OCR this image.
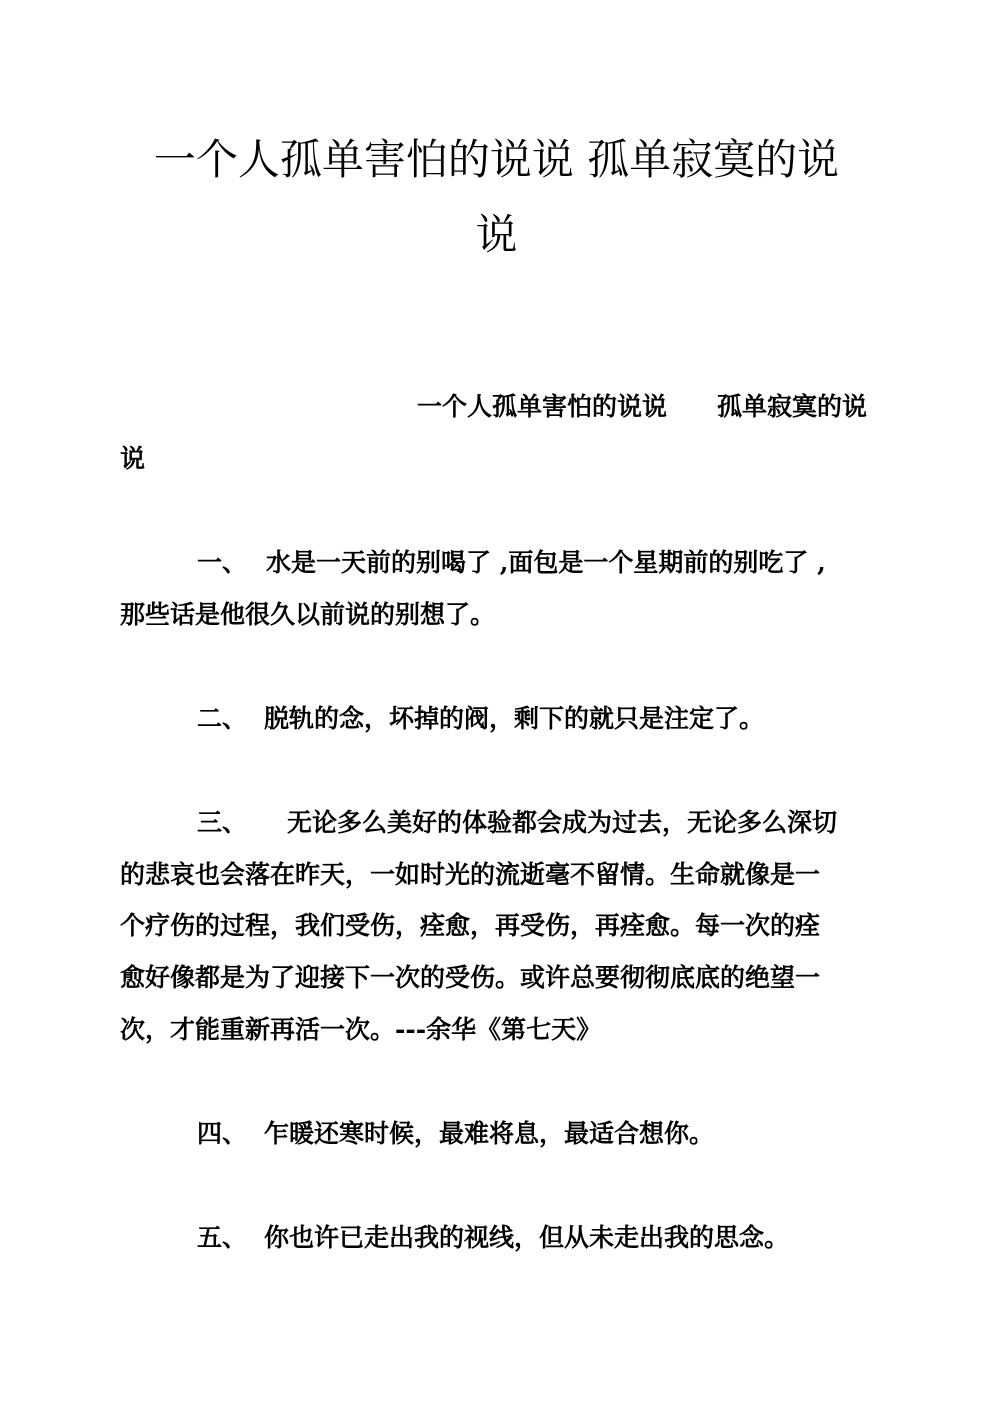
一个人孤单害怕的说说 孤单寂寞的说
说

一个人孤单害怕的说说 孤单寂寞的说

说

一、 水是一天前的别喝了 ,面包是一个星期前的别吃了 ,

那些话是他很久以前说的别想了。

二、 脱轨的念，坏掉的阀，剩下的就只是注定了。

三、 无论多么美好的体验都会成为过去，无论多么深切

的悲哀也会落在昨天，一如时光的流逝毫不留情。生命就像是一

个疗伤的过程，我们受伤，痊愈，再受伤，再痊愈。每一次的痊

愈好像都是为了迎接下一次的受伤。或许总要彻彻底底的绝望一

次，才能重新再活一次。---余华《第七天》

四、 乍暖还寒时候，最难将息，最适合想你。

五、 你也许已走出我的视线，但从未走出我的思念。
